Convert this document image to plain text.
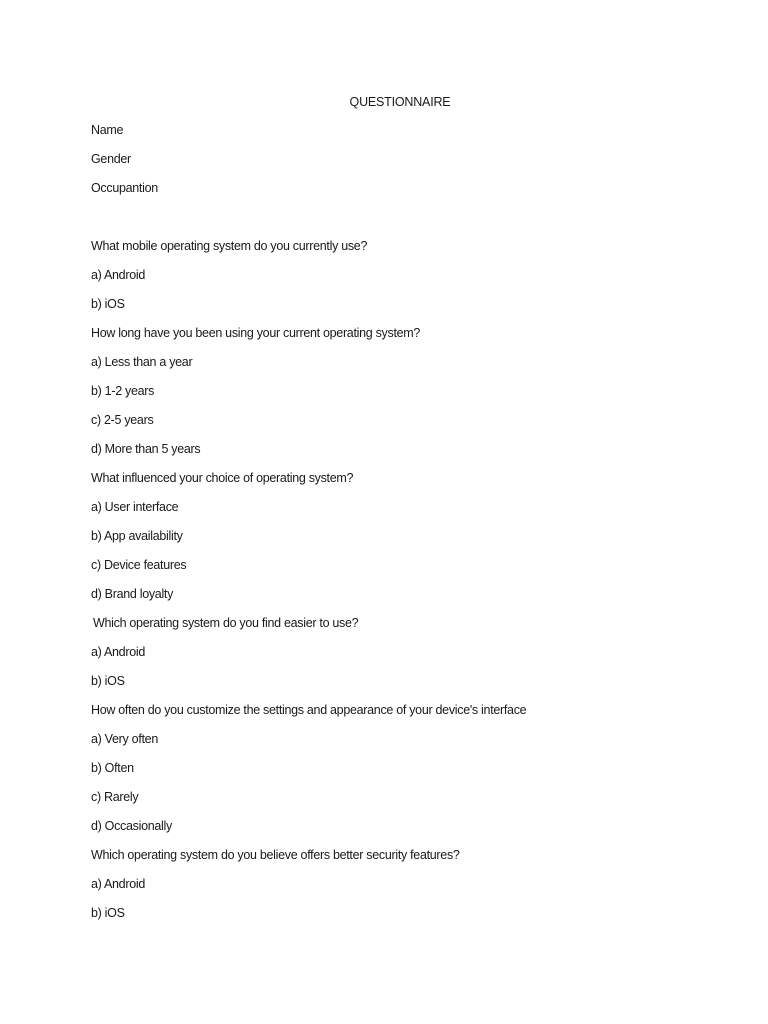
QUESTIONNAIRE
Name
Gender
Occupantion
What mobile operating system do you currently use?
a) Android
b) iOS
How long have you been using your current operating system?
a) Less than a year
b) 1-2 years
c) 2-5 years
d) More than 5 years
What influenced your choice of operating system?
a) User interface
b) App availability
c) Device features
d) Brand loyalty
Which operating system do you find easier to use?
a) Android
b) iOS
How often do you customize the settings and appearance of your device's interface
a) Very often
b) Often
c) Rarely
d) Occasionally
Which operating system do you believe offers better security features?
a) Android
b) iOS
